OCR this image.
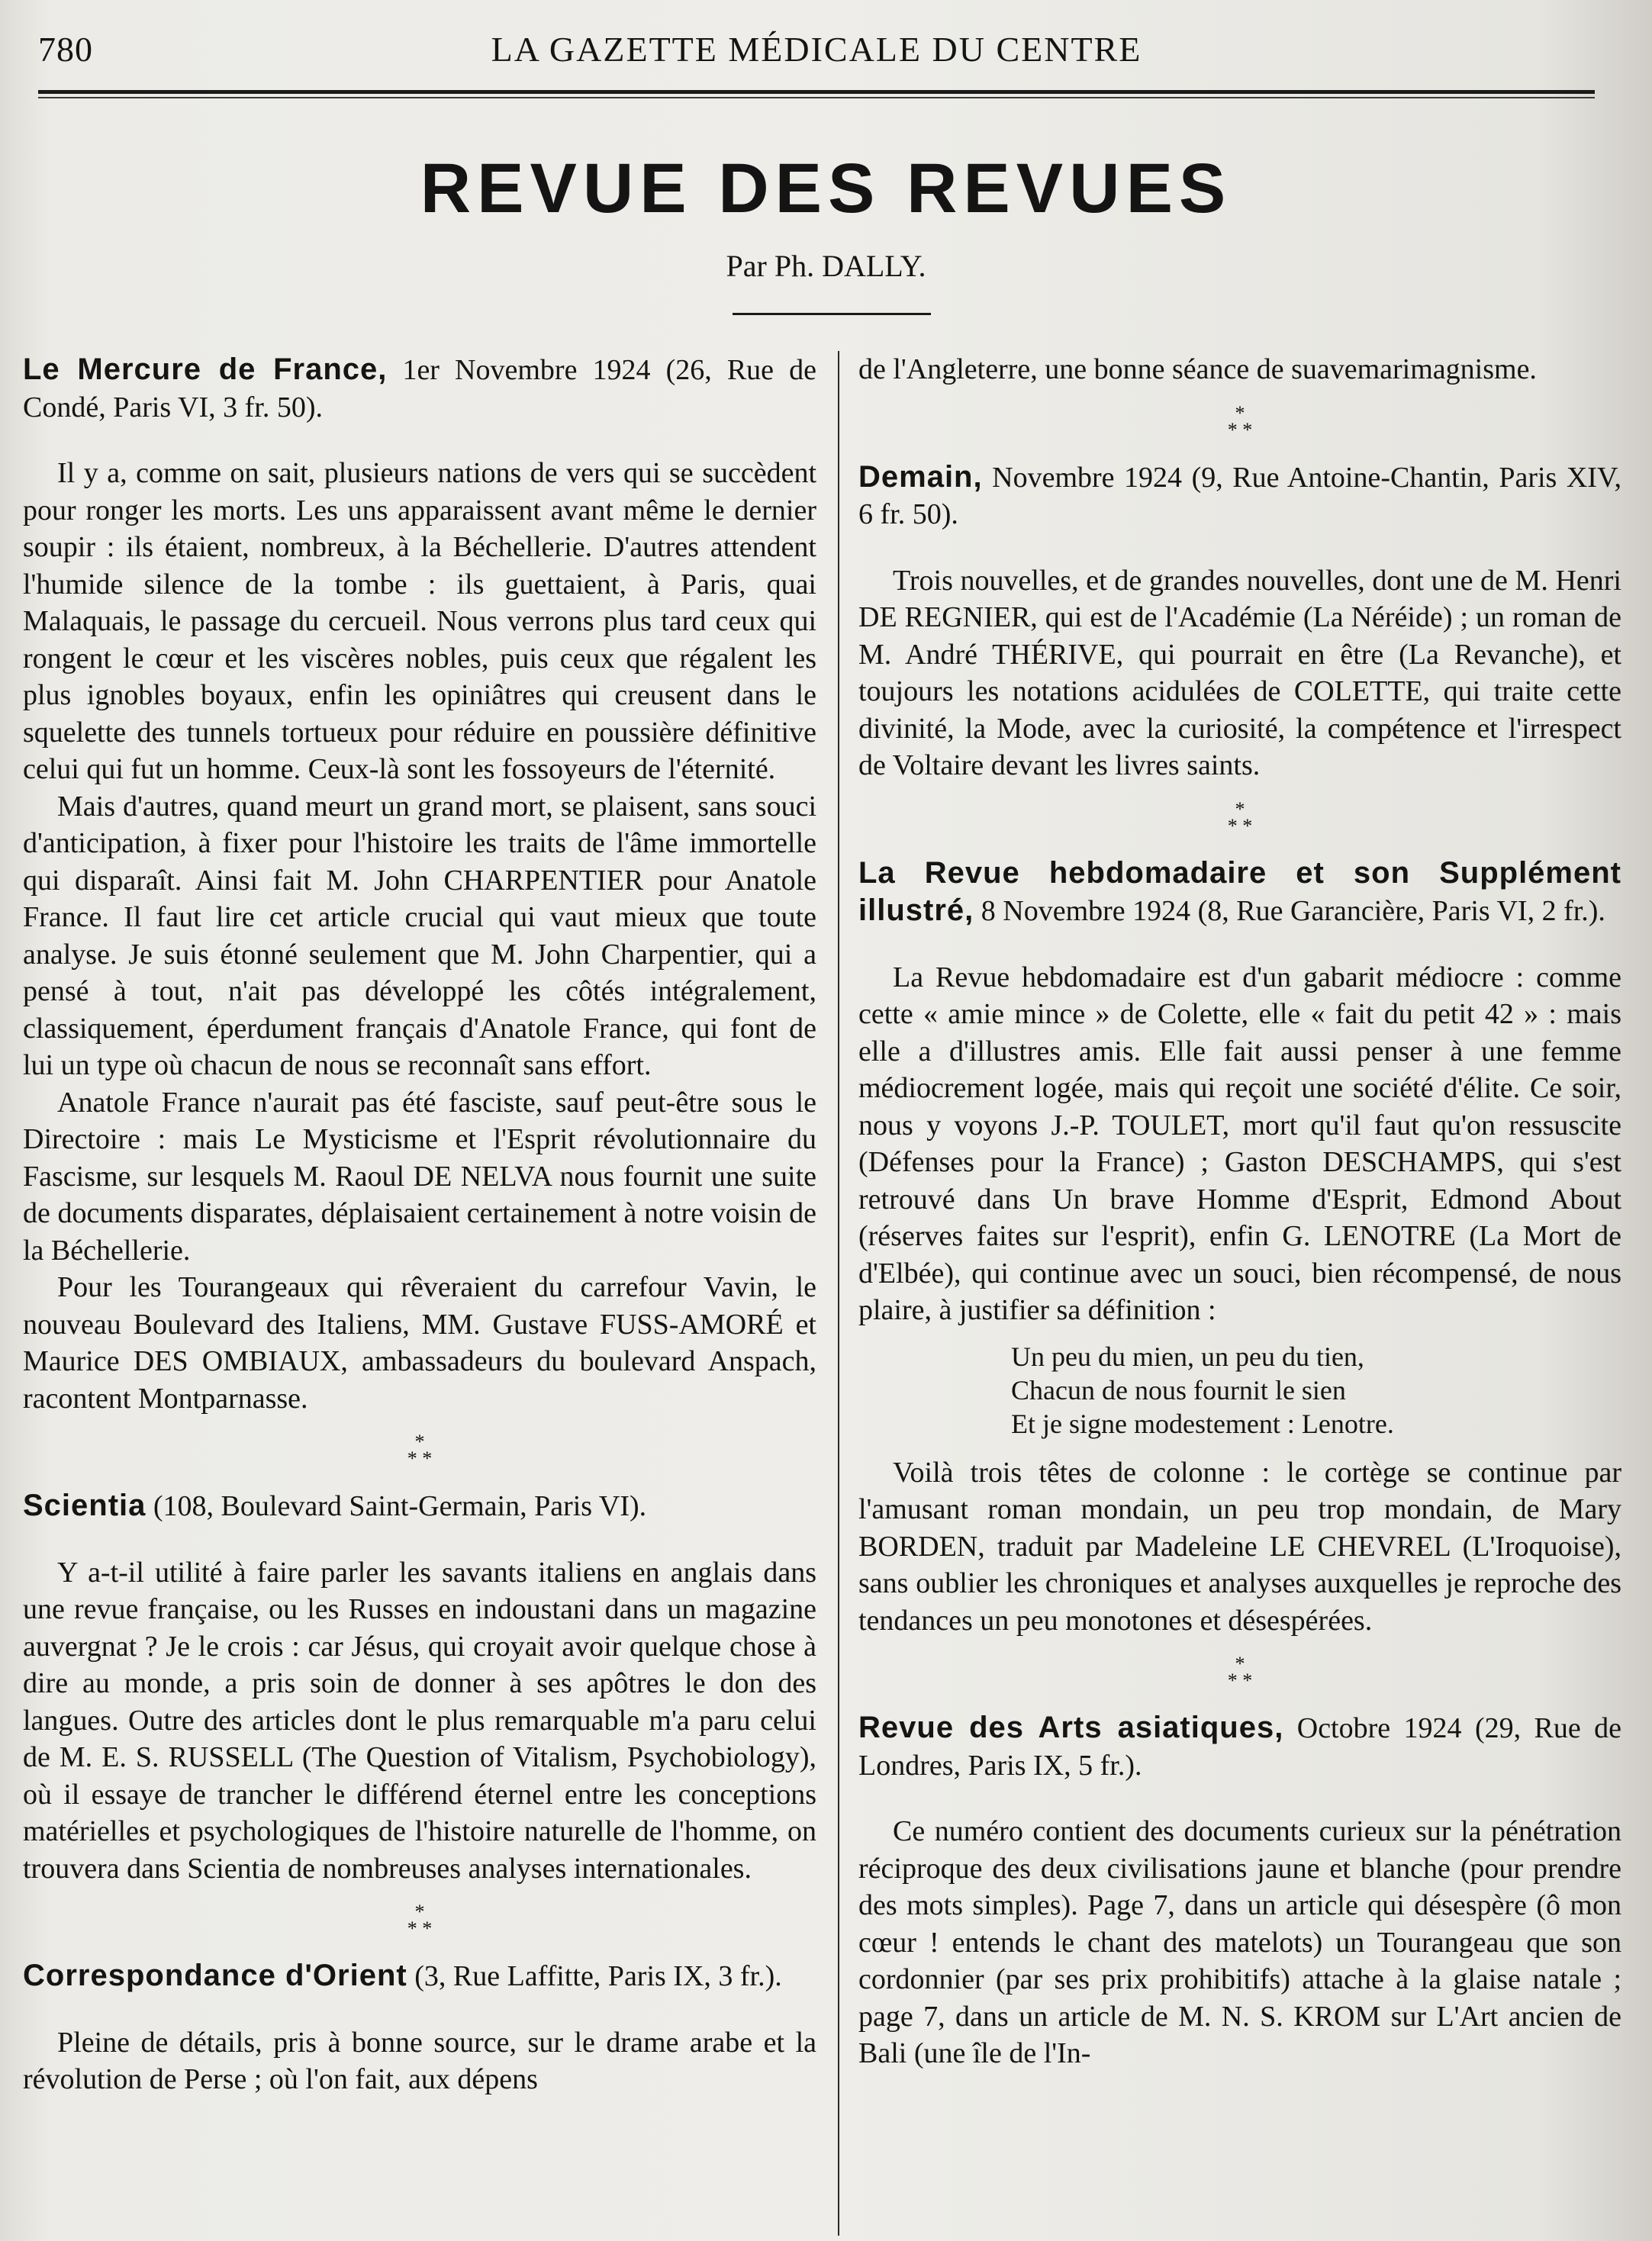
780	LA GAZETTE MÉDICALE DU CENTRE
REVUE DES REVUES
Par Ph. DALLY.

Le Mercure de France, 1er Novembre 1924 (26, Rue de Condé, Paris VI, 3 fr. 50).

Il y a, comme on sait, plusieurs nations de vers qui se succèdent pour ronger les morts. Les uns apparaissent avant même le dernier soupir : ils étaient, nombreux, à la Béchellerie. D'autres attendent l'humide silence de la tombe : ils guettaient, à Paris, quai Malaquais, le passage du cercueil. Nous verrons plus tard ceux qui rongent le cœur et les viscères nobles, puis ceux que régalent les plus ignobles boyaux, enfin les opiniâtres qui creusent dans le squelette des tunnels tortueux pour réduire en poussière définitive celui qui fut un homme. Ceux-là sont les fossoyeurs de l'éternité.

Mais d'autres, quand meurt un grand mort, se plaisent, sans souci d'anticipation, à fixer pour l'histoire les traits de l'âme immortelle qui disparaît. Ainsi fait M. John CHARPENTIER pour Anatole France. Il faut lire cet article crucial qui vaut mieux que toute analyse. Je suis étonné seulement que M. John Charpentier, qui a pensé à tout, n'ait pas développé les côtés intégralement, classiquement, éperdument français d'Anatole France, qui font de lui un type où chacun de nous se reconnaît sans effort.

Anatole France n'aurait pas été fasciste, sauf peut-être sous le Directoire : mais Le Mysticisme et l'Esprit révolutionnaire du Fascisme, sur lesquels M. Raoul DE NELVA nous fournit une suite de documents disparates, déplaisaient certainement à notre voisin de la Béchellerie.

Pour les Tourangeaux qui rêveraient du carrefour Vavin, le nouveau Boulevard des Italiens, MM. Gustave FUSS-AMORÉ et Maurice DES OMBIAUX, ambassadeurs du boulevard Anspach, racontent Montparnasse.

*
* *

Scientia (108, Boulevard Saint-Germain, Paris VI).

Y a-t-il utilité à faire parler les savants italiens en anglais dans une revue française, ou les Russes en indoustani dans un magazine auvergnat ? Je le crois : car Jésus, qui croyait avoir quelque chose à dire au monde, a pris soin de donner à ses apôtres le don des langues. Outre des articles dont le plus remarquable m'a paru celui de M. E. S. RUSSELL (The Question of Vitalism, Psychobiology), où il essaye de trancher le différend éternel entre les conceptions matérielles et psychologiques de l'histoire naturelle de l'homme, on trouvera dans Scientia de nombreuses analyses internationales.

*
* *

Correspondance d'Orient (3, Rue Laffitte, Paris IX, 3 fr.).

Pleine de détails, pris à bonne source, sur le drame arabe et la révolution de Perse ; où l'on fait, aux dépens

de l'Angleterre, une bonne séance de suavemarimagnisme.

*
* *

Demain, Novembre 1924 (9, Rue Antoine-Chantin, Paris XIV, 6 fr. 50).

Trois nouvelles, et de grandes nouvelles, dont une de M. Henri DE REGNIER, qui est de l'Académie (La Néréide) ; un roman de M. André THÉRIVE, qui pourrait en être (La Revanche), et toujours les notations acidulées de COLETTE, qui traite cette divinité, la Mode, avec la curiosité, la compétence et l'irrespect de Voltaire devant les livres saints.

*
* *

La Revue hebdomadaire et son Supplément illustré, 8 Novembre 1924 (8, Rue Garancière, Paris VI, 2 fr.).

La Revue hebdomadaire est d'un gabarit médiocre : comme cette « amie mince » de Colette, elle « fait du petit 42 » : mais elle a d'illustres amis. Elle fait aussi penser à une femme médiocrement logée, mais qui reçoit une société d'élite. Ce soir, nous y voyons J.-P. TOULET, mort qu'il faut qu'on ressuscite (Défenses pour la France) ; Gaston DESCHAMPS, qui s'est retrouvé dans Un brave Homme d'Esprit, Edmond About (réserves faites sur l'esprit), enfin G. LENOTRE (La Mort de d'Elbée), qui continue avec un souci, bien récompensé, de nous plaire, à justifier sa définition :

Un peu du mien, un peu du tien,
Chacun de nous fournit le sien
Et je signe modestement : Lenotre.

Voilà trois têtes de colonne : le cortège se continue par l'amusant roman mondain, un peu trop mondain, de Mary BORDEN, traduit par Madeleine LE CHEVREL (L'Iroquoise), sans oublier les chroniques et analyses auxquelles je reproche des tendances un peu monotones et désespérées.

*
* *

Revue des Arts asiatiques, Octobre 1924 (29, Rue de Londres, Paris IX, 5 fr.).

Ce numéro contient des documents curieux sur la pénétration réciproque des deux civilisations jaune et blanche (pour prendre des mots simples). Page 7, dans un article qui désespère (ô mon cœur ! entends le chant des matelots) un Tourangeau que son cordonnier (par ses prix prohibitifs) attache à la glaise natale ; page 7, dans un article de M. N. S. KROM sur L'Art ancien de Bali (une île de l'In-
